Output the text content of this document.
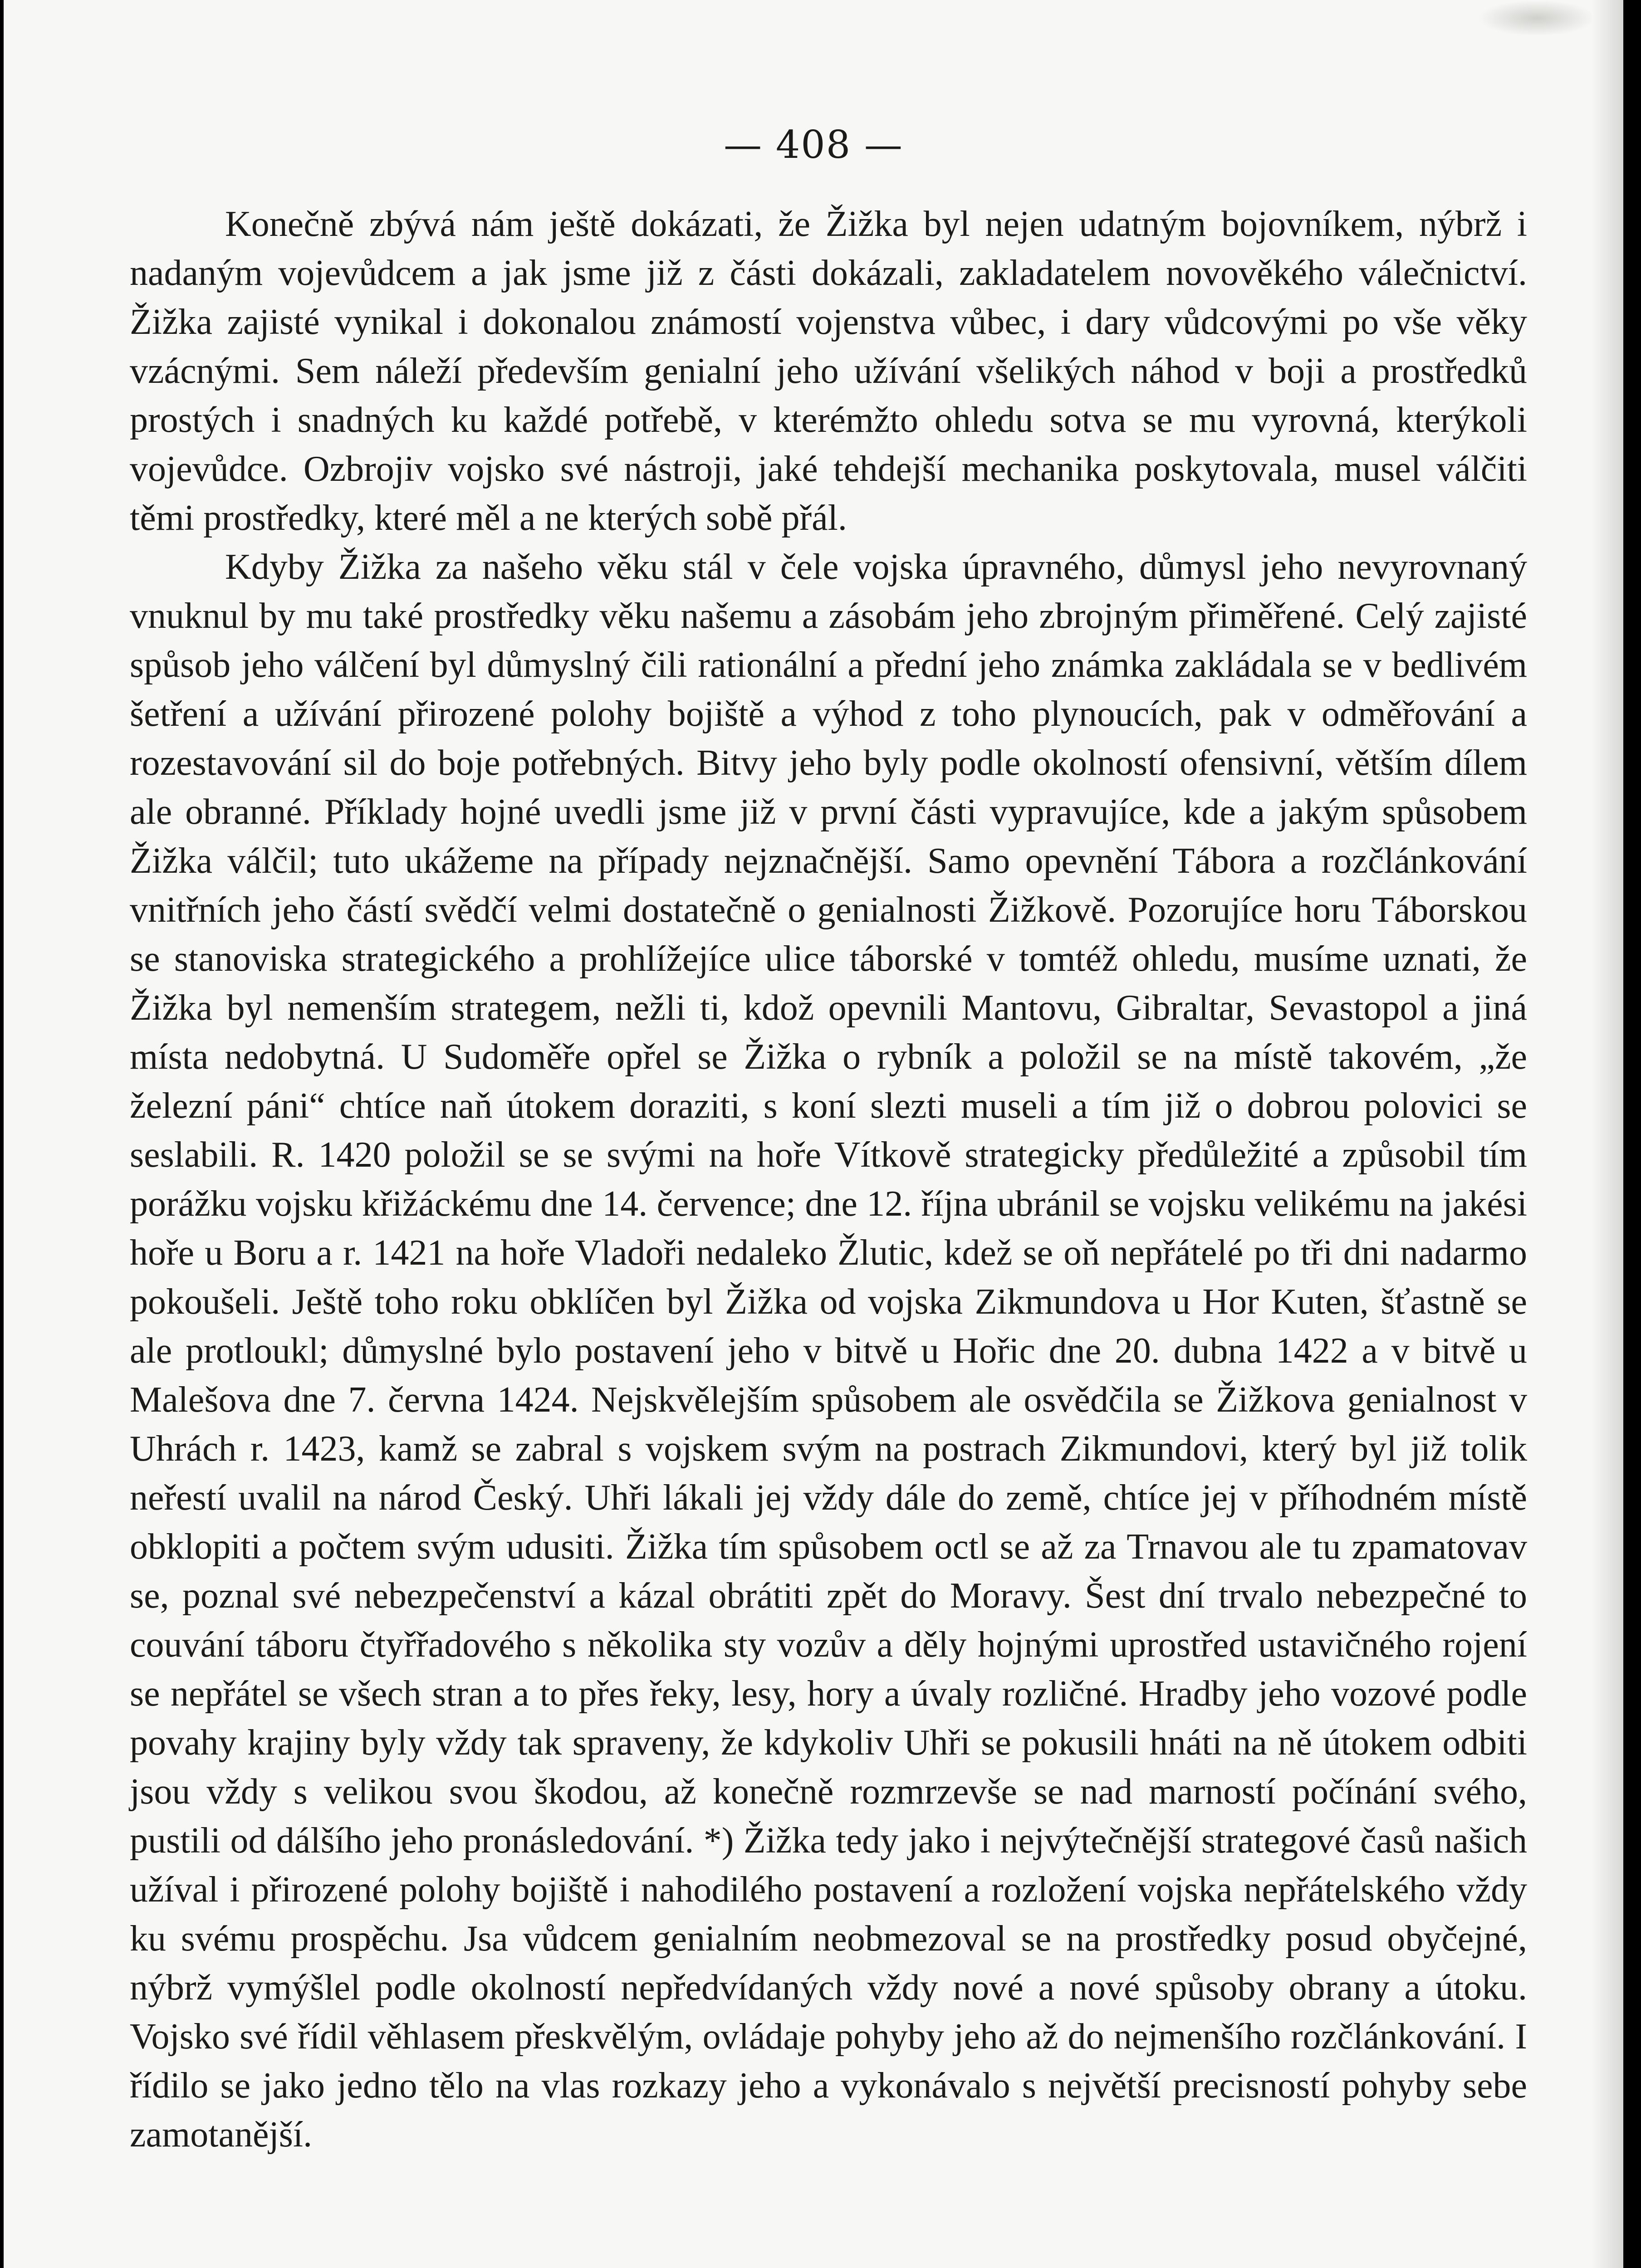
— 408 —

Konečně zbývá nám ještě dokázati, že Žižka byl nejen udatným bojovníkem, nýbrž i nadaným vojevůdcem a jak jsme již z části dokázali, zakladatelem novověkého válečnictví. Žižka zajisté vynikal i dokonalou známostí vojenstva vůbec, i dary vůdcovými po vše věky vzácnými. Sem náleží především genialní jeho užívání všelikých náhod v boji a prostředků prostých i snadných ku každé potřebě, v kterémžto ohledu sotva se mu vyrovná, kterýkoli vojevůdce. Ozbrojiv vojsko své nástroji, jaké tehdejší mechanika poskytovala, musel válčiti těmi prostředky, které měl a ne kterých sobě přál.

Kdyby Žižka za našeho věku stál v čele vojska úpravného, důmysl jeho nevyrovnaný vnuknul by mu také prostředky věku našemu a zásobám jeho zbrojným přiměřené. Celý zajisté spůsob jeho válčení byl důmyslný čili rationální a přední jeho známka zakládala se v bedlivém šetření a užívání přirozené polohy bojiště a výhod z toho plynoucích, pak v odměřování a rozestavování sil do boje potřebných. Bitvy jeho byly podle okolností ofensivní, větším dílem ale obranné. Příklady hojné uvedli jsme již v první části vypravujíce, kde a jakým spůsobem Žižka válčil; tuto ukážeme na případy nejznačnější. Samo opevnění Tábora a rozčlánkování vnitřních jeho částí svědčí velmi dostatečně o genialnosti Žižkově. Pozorujíce horu Táborskou se stanoviska strategického a prohlížejíce ulice táborské v tomtéž ohledu, musíme uznati, že Žižka byl nemenším strategem, nežli ti, kdož opevnili Mantovu, Gibraltar, Sevastopol a jiná místa nedobytná. U Sudoměře opřel se Žižka o rybník a položil se na místě takovém, „že železní páni“ chtíce naň útokem doraziti, s koní slezti museli a tím již o dobrou polovici se seslabili. R. 1420 položil se se svými na hoře Vítkově strategicky předůležité a způsobil tím porážku vojsku křižáckému dne 14. července; dne 12. října ubránil se vojsku velikému na jakési hoře u Boru a r. 1421 na hoře Vladoři nedaleko Žlutic, kdež se oň nepřátelé po tři dni nadarmo pokoušeli. Ještě toho roku obklíčen byl Žižka od vojska Zikmundova u Hor Kuten, šťastně se ale protloukl; důmyslné bylo postavení jeho v bitvě u Hořic dne 20. dubna 1422 a v bitvě u Malešova dne 7. června 1424. Nejskvělejším spůsobem ale osvědčila se Žižkova genialnost v Uhrách r. 1423, kamž se zabral s vojskem svým na postrach Zikmundovi, který byl již tolik neřestí uvalil na národ Český. Uhři lákali jej vždy dále do země, chtíce jej v příhodném místě obklopiti a počtem svým udusiti. Žižka tím spůsobem octl se až za Trnavou ale tu zpamatovav se, poznal své nebezpečenství a kázal obrátiti zpět do Moravy. Šest dní trvalo nebezpečné to couvání táboru čtyřřadového s několika sty vozův a děly hojnými uprostřed ustavičného rojení se nepřátel se všech stran a to přes řeky, lesy, hory a úvaly rozličné. Hradby jeho vozové podle povahy krajiny byly vždy tak spraveny, že kdykoliv Uhři se pokusili hnáti na ně útokem odbiti jsou vždy s velikou svou škodou, až konečně rozmrzevše se nad marností počínání svého, pustili od dálšího jeho pronásledování. *) Žižka tedy jako i nejvýtečnější strategové časů našich užíval i přirozené polohy bojiště i nahodilého postavení a rozložení vojska nepřátelského vždy ku svému prospěchu. Jsa vůdcem genialním neobmezoval se na prostředky posud obyčejné, nýbrž vymýšlel podle okolností nepředvídaných vždy nové a nové spůsoby obrany a útoku. Vojsko své řídil věhlasem přeskvělým, ovládaje pohyby jeho až do nejmenšího rozčlánkování. I řídilo se jako jedno tělo na vlas rozkazy jeho a vykonávalo s největší precisností pohyby sebe zamotanější.
